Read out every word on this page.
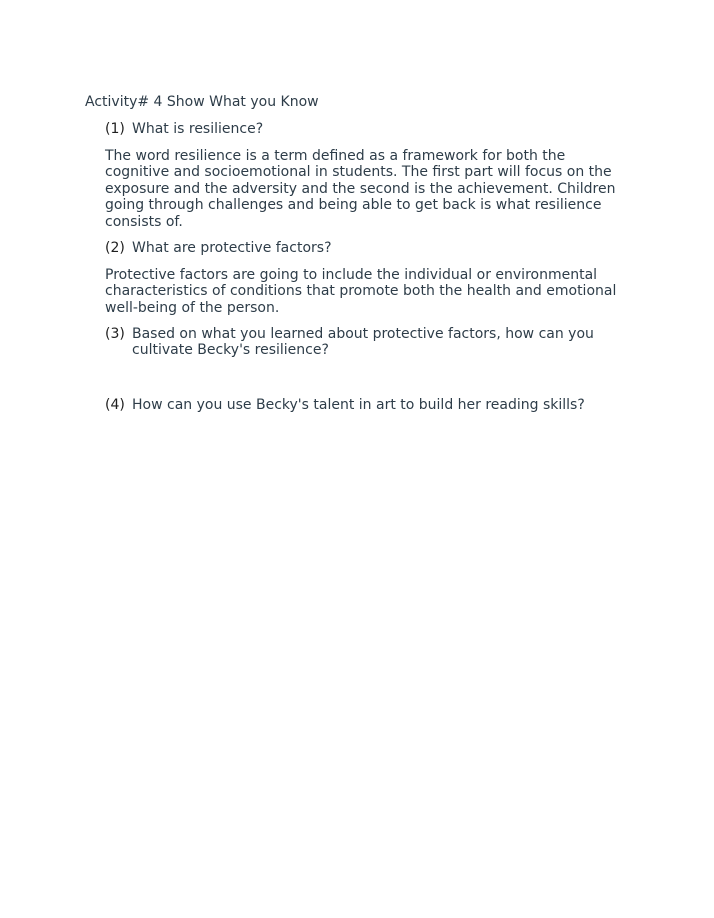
Activity# 4 Show What you Know
(1) What is resilience?
The word resilience is a term defined as a framework for both the cognitive and socioemotional in students. The first part will focus on the exposure and the adversity and the second is the achievement. Children going through challenges and being able to get back is what resilience consists of.
(2) What are protective factors?
Protective factors are going to include the individual or environmental characteristics of conditions that promote both the health and emotional well-being of the person.
(3) Based on what you learned about protective factors, how can you cultivate Becky's resilience?
(4) How can you use Becky's talent in art to build her reading skills?
